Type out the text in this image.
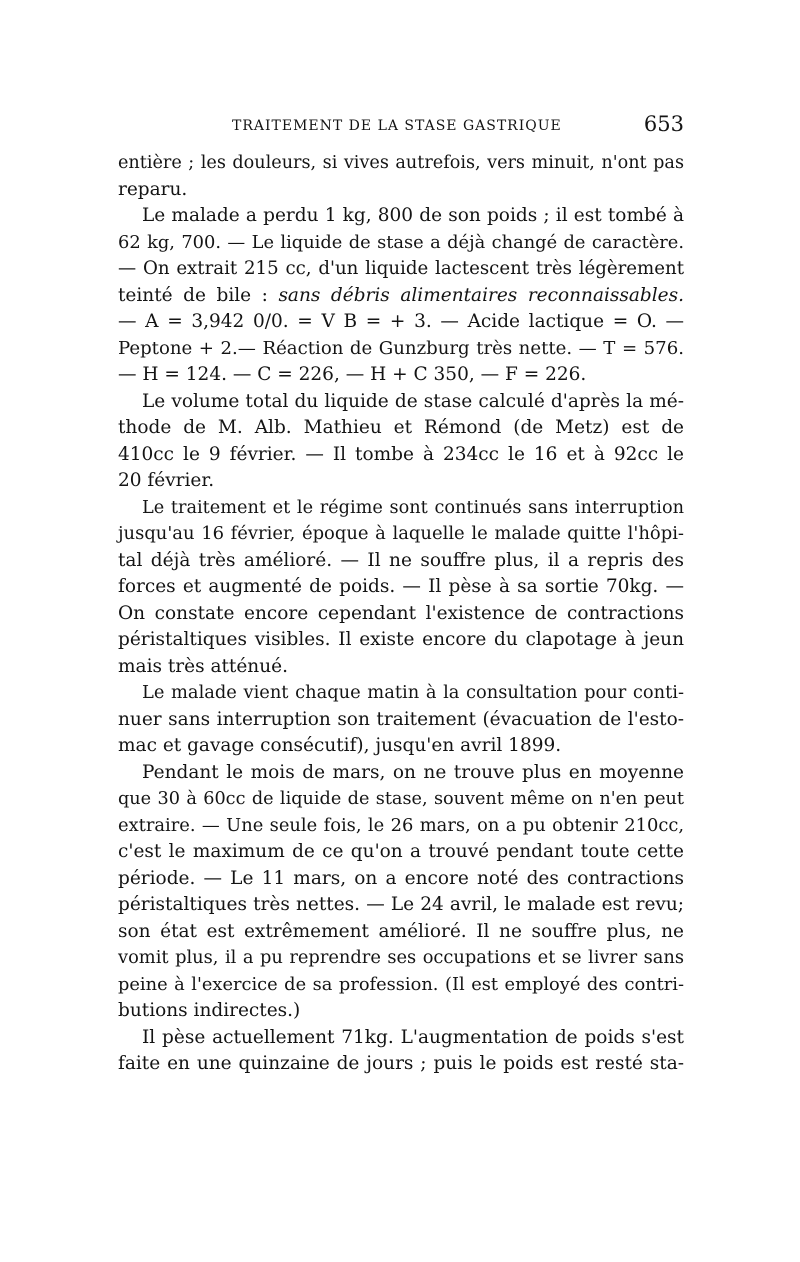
TRAITEMENT DE LA STASE GASTRIQUE	653
entière ; les douleurs, si vives autrefois, vers minuit, n'ont pas
reparu.
Le malade a perdu 1 kg, 800 de son poids ; il est tombé à
62 kg, 700. — Le liquide de stase a déjà changé de caractère.
— On extrait 215 cc, d'un liquide lactescent très légèrement
teinté de bile : sans débris alimentaires reconnaissables.
— A = 3,942 0/0. = V B = + 3. — Acide lactique = O. —
Peptone + 2.— Réaction de Gunzburg très nette. — T = 576.
— H = 124. — C = 226, — H + C 350, — F = 226.
Le volume total du liquide de stase calculé d'après la mé-
thode de M. Alb. Mathieu et Rémond (de Metz) est de
410cc le 9 février. — Il tombe à 234cc le 16 et à 92cc le
20 février.
Le traitement et le régime sont continués sans interruption
jusqu'au 16 février, époque à laquelle le malade quitte l'hôpi-
tal déjà très amélioré. — Il ne souffre plus, il a repris des
forces et augmenté de poids. — Il pèse à sa sortie 70kg. —
On constate encore cependant l'existence de contractions
péristaltiques visibles. Il existe encore du clapotage à jeun
mais très atténué.
Le malade vient chaque matin à la consultation pour conti-
nuer sans interruption son traitement (évacuation de l'esto-
mac et gavage consécutif), jusqu'en avril 1899.
Pendant le mois de mars, on ne trouve plus en moyenne
que 30 à 60cc de liquide de stase, souvent même on n'en peut
extraire. — Une seule fois, le 26 mars, on a pu obtenir 210cc,
c'est le maximum de ce qu'on a trouvé pendant toute cette
période. — Le 11 mars, on a encore noté des contractions
péristaltiques très nettes. — Le 24 avril, le malade est revu;
son état est extrêmement amélioré. Il ne souffre plus, ne
vomit plus, il a pu reprendre ses occupations et se livrer sans
peine à l'exercice de sa profession. (Il est employé des contri-
butions indirectes.)
Il pèse actuellement 71kg. L'augmentation de poids s'est
faite en une quinzaine de jours ; puis le poids est resté sta-
